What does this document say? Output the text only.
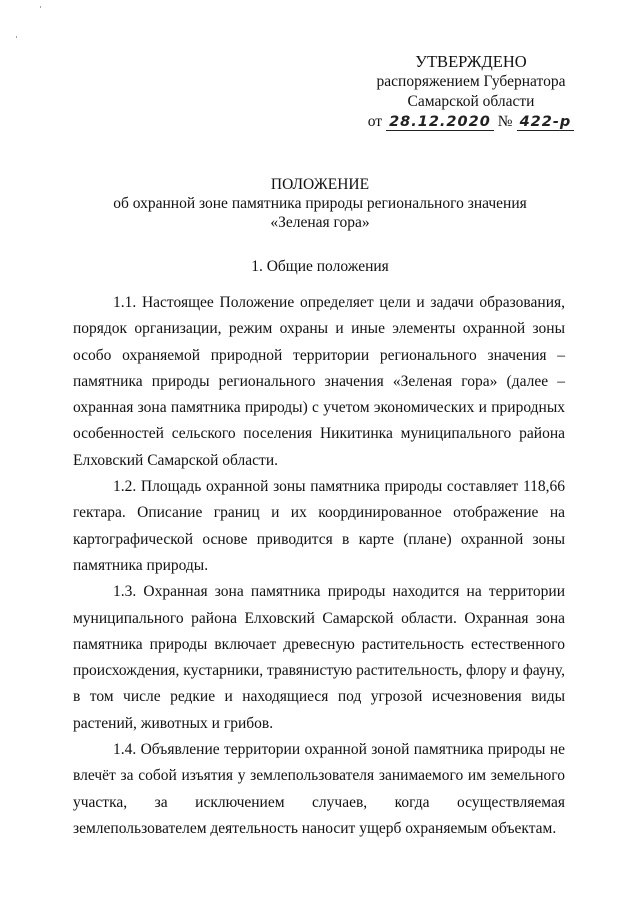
˙
˙
УТВЕРЖДЕНО
распоряжением Губернатора
Самарской области
от 28.12.2020 № 422-р
ПОЛОЖЕНИЕ
об охранной зоне памятника природы регионального значения
«Зеленая гора»
1. Общие положения

1.1. Настоящее Положение определяет цели и задачи образования, порядок организации, режим охраны и иные элементы охранной зоны особо охраняемой природной территории регионального значения – памятника природы регионального значения «Зеленая гора» (далее – охранная зона памятника природы) с учетом экономических и природных особенностей сельского поселения Никитинка муниципального района Елховский Самарской области.

1.2. Площадь охранной зоны памятника природы составляет 118,66 гектара. Описание границ и их координированное отображение на картографической основе приводится в карте (плане) охранной зоны памятника природы.

1.3. Охранная зона памятника природы находится на территории муниципального района Елховский Самарской области. Охранная зона памятника природы включает древесную растительность естественного происхождения, кустарники, травянистую растительность, флору и фауну, в том числе редкие и находящиеся под угрозой исчезновения виды растений, животных и грибов.

1.4. Объявление территории охранной зоной памятника природы не влечёт за собой изъятия у землепользователя занимаемого им земельного участка, за исключением случаев, когда осуществляемая землепользователем деятельность наносит ущерб охраняемым объектам.
